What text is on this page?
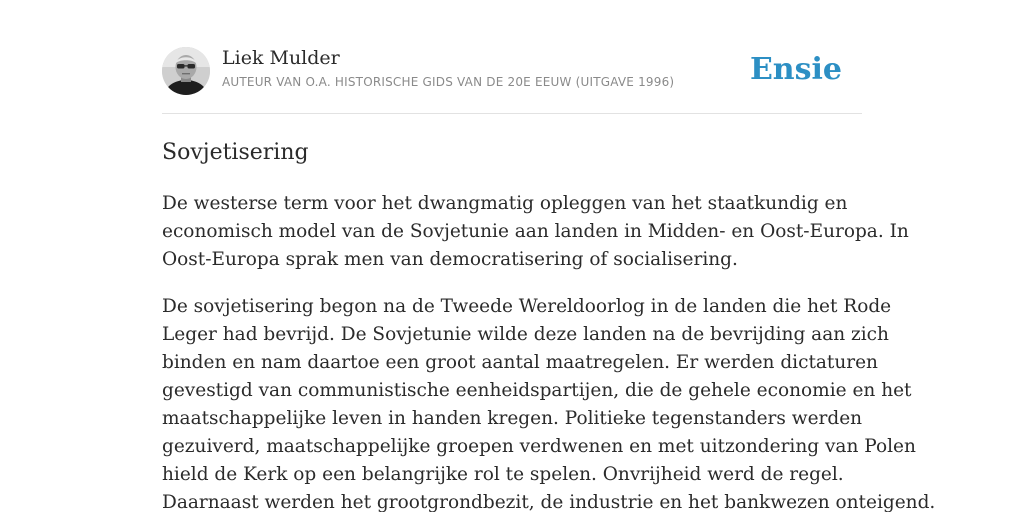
Liek Mulder
AUTEUR VAN O.A. HISTORISCHE GIDS VAN DE 20E EEUW (UITGAVE 1996)	Ensie
Sovjetisering

De westerse term voor het dwangmatig opleggen van het staatkundig en
economisch model van de Sovjetunie aan landen in Midden- en Oost-Europa. In
Oost-Europa sprak men van democratisering of socialisering.

De sovjetisering begon na de Tweede Wereldoorlog in de landen die het Rode
Leger had bevrijd. De Sovjetunie wilde deze landen na de bevrijding aan zich
binden en nam daartoe een groot aantal maatregelen. Er werden dictaturen
gevestigd van communistische eenheidspartijen, die de gehele economie en het
maatschappelijke leven in handen kregen. Politieke tegenstanders werden
gezuiverd, maatschappelijke groepen verdwenen en met uitzondering van Polen
hield de Kerk op een belangrijke rol te spelen. Onvrijheid werd de regel.
Daarnaast werden het grootgrondbezit, de industrie en het bankwezen onteigend.
